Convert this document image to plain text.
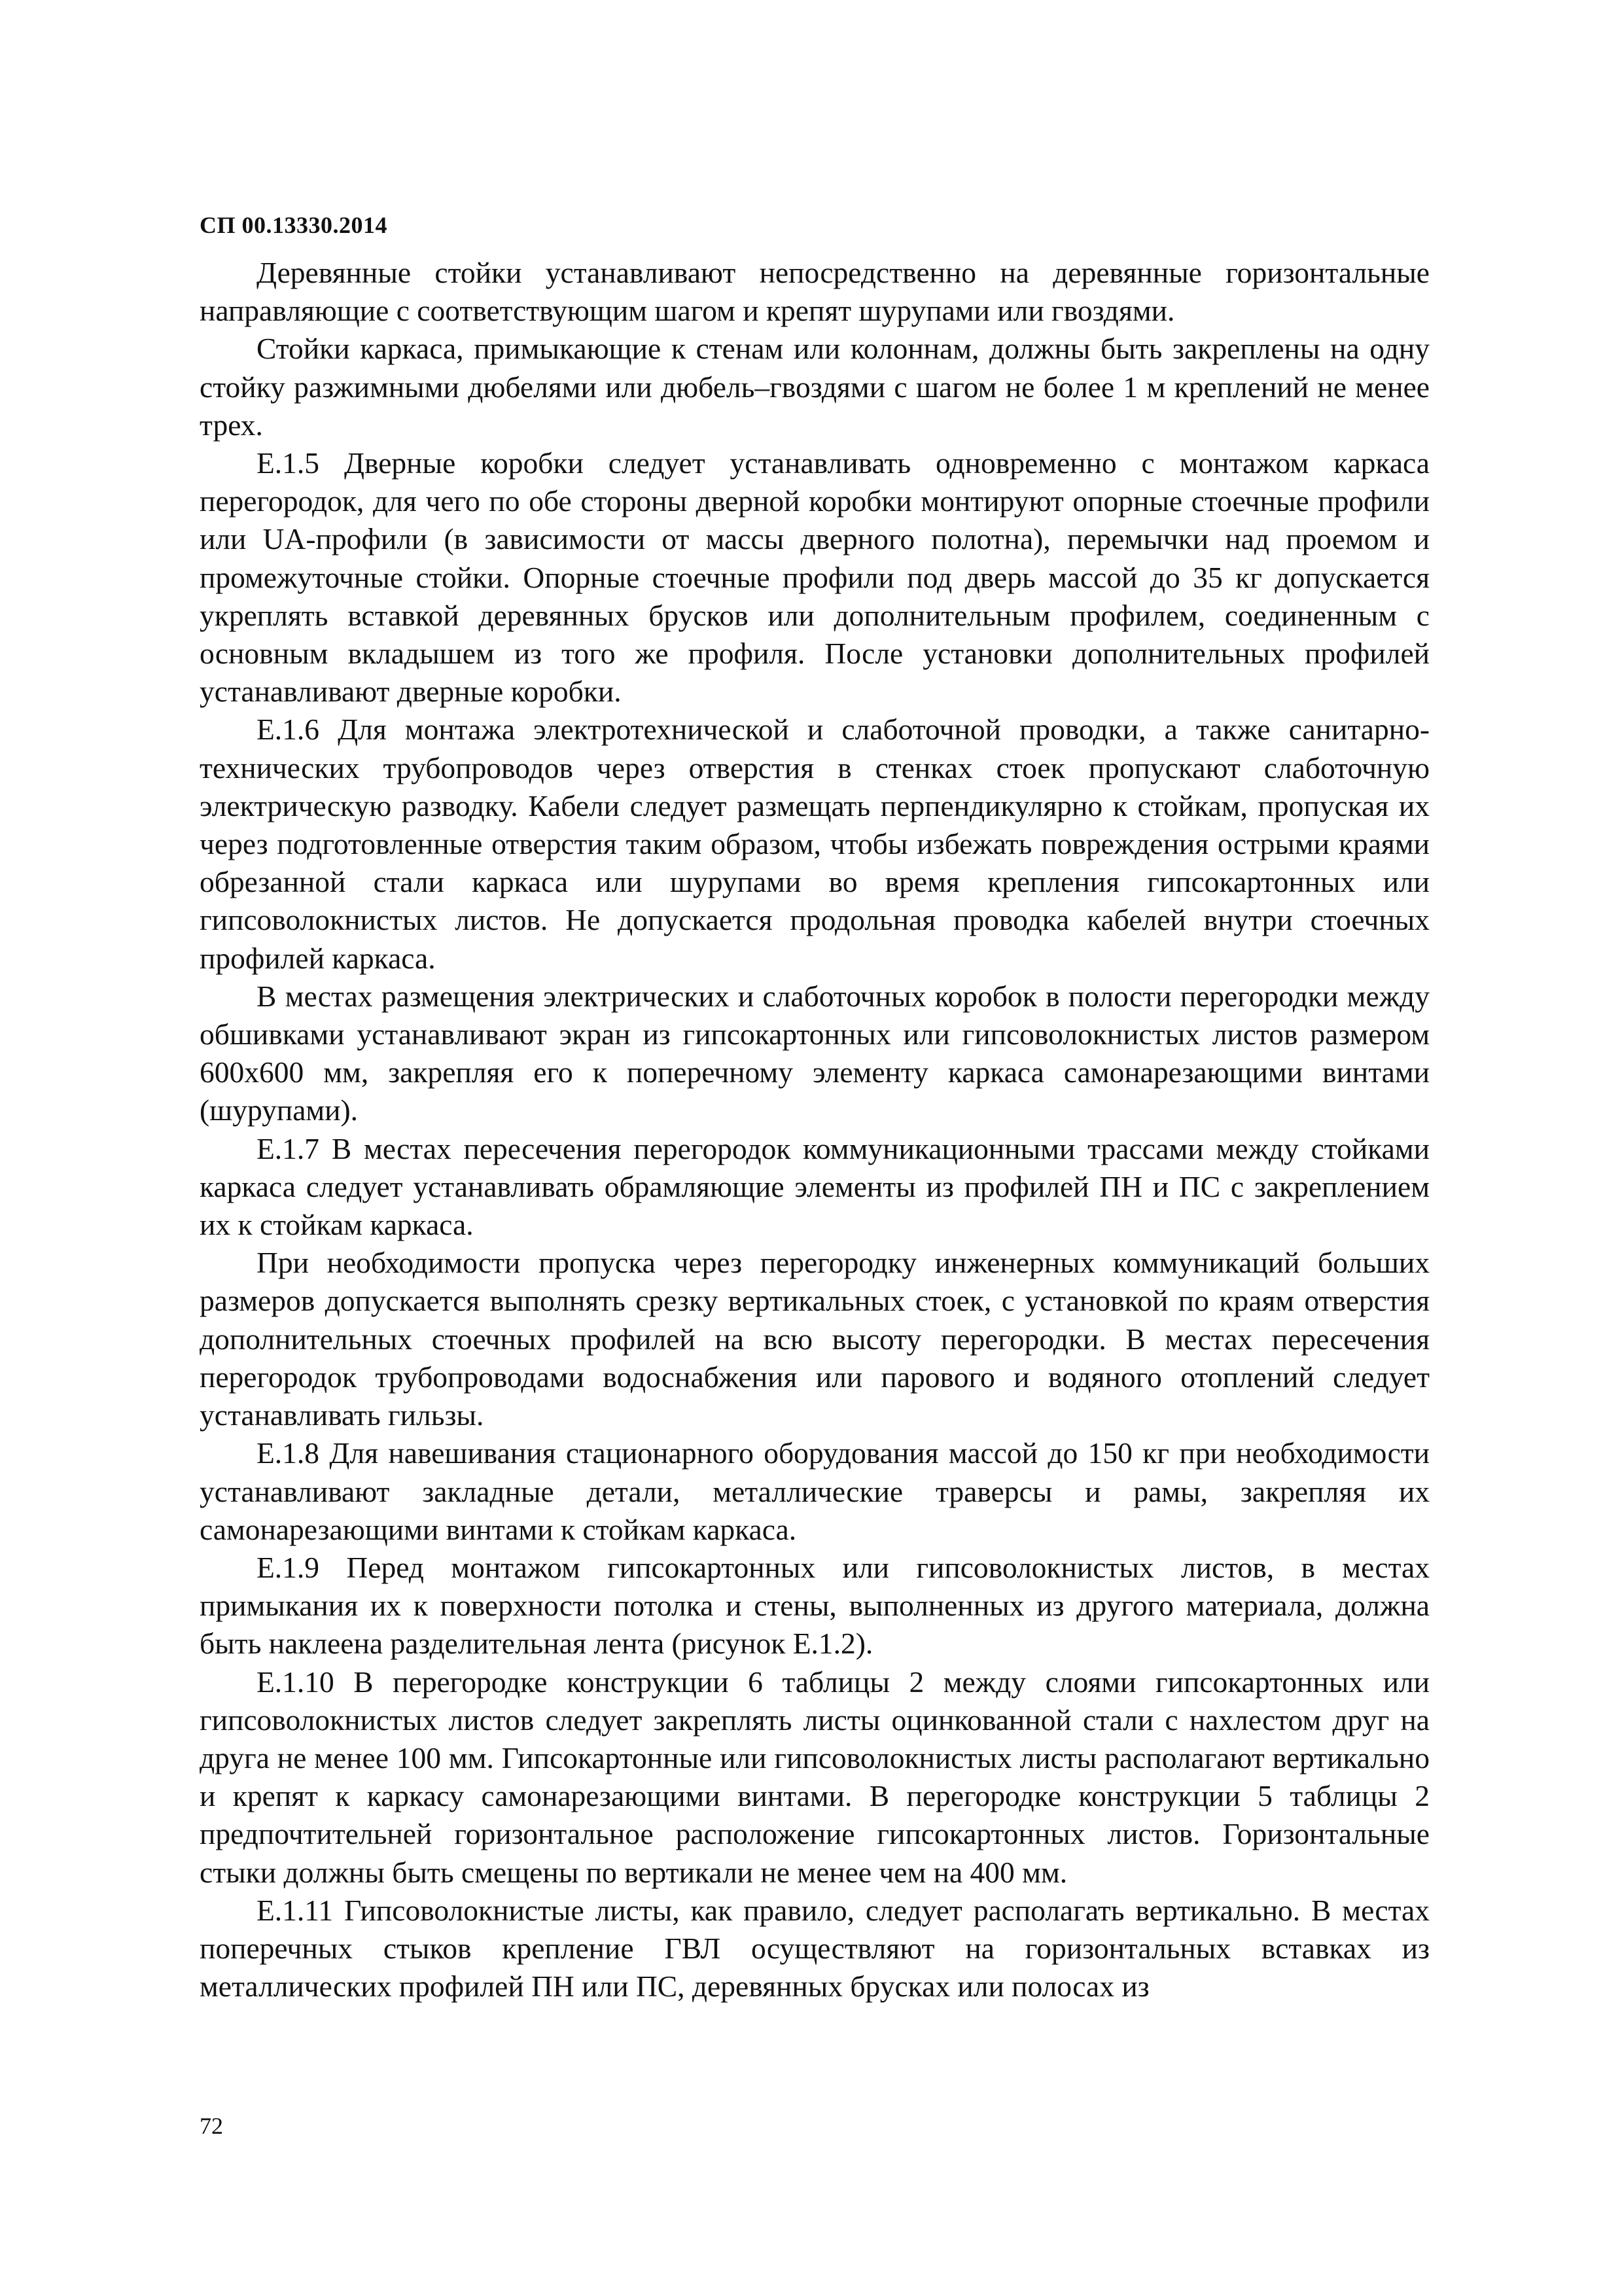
СП 00.13330.2014

Деревянные стойки устанавливают непосредственно на деревянные горизонтальные направляющие с соответствующим шагом и крепят шурупами или гвоздями.

Стойки каркаса, примыкающие к стенам или колоннам, должны быть закреплены на одну стойку разжимными дюбелями или дюбель–гвоздями с шагом не более 1 м креплений не менее трех.

Е.1.5 Дверные коробки следует устанавливать одновременно с монтажом каркаса перегородок, для чего по обе стороны дверной коробки монтируют опорные стоечные профили или UA-профили (в зависимости от массы дверного полотна), перемычки над проемом и промежуточные стойки. Опорные стоечные профили под дверь массой до 35 кг допускается укреплять вставкой деревянных брусков или дополнительным профилем, соединенным с основным вкладышем из того же профиля. После установки дополнительных профилей устанавливают дверные коробки.

Е.1.6 Для монтажа электротехнической и слаботочной проводки, а также санитарно-технических трубопроводов через отверстия в стенках стоек пропускают слаботочную электрическую разводку. Кабели следует размещать перпендикулярно к стойкам, пропуская их через подготовленные отверстия таким образом, чтобы избежать повреждения острыми краями обрезанной стали каркаса или шурупами во время крепления гипсокартонных или гипсоволокнистых листов. Не допускается продольная проводка кабелей внутри стоечных профилей каркаса.

В местах размещения электрических и слаботочных коробок в полости перегородки между обшивками устанавливают экран из гипсокартонных или гипсоволокнистых листов размером 600х600 мм, закрепляя его к поперечному элементу каркаса самонарезающими винтами (шурупами).

Е.1.7 В местах пересечения перегородок коммуникационными трассами между стойками каркаса следует устанавливать обрамляющие элементы из профилей ПН и ПС с закреплением их к стойкам каркаса.

При необходимости пропуска через перегородку инженерных коммуникаций больших размеров допускается выполнять срезку вертикальных стоек, с установкой по краям отверстия дополнительных стоечных профилей на всю высоту перегородки. В местах пересечения перегородок трубопроводами водоснабжения или парового и водяного отоплений следует устанавливать гильзы.

Е.1.8 Для навешивания стационарного оборудования массой до 150 кг при необходимости устанавливают закладные детали, металлические траверсы и рамы, закрепляя их самонарезающими винтами к стойкам каркаса.

Е.1.9 Перед монтажом гипсокартонных или гипсоволокнистых листов, в местах примыкания их к поверхности потолка и стены, выполненных из другого материала, должна быть наклеена разделительная лента (рисунок Е.1.2).

Е.1.10 В перегородке конструкции 6 таблицы 2 между слоями гипсокартонных или гипсоволокнистых листов следует закреплять листы оцинкованной стали с нахлестом друг на друга не менее 100 мм. Гипсокартонные или гипсоволокнистых листы располагают вертикально и крепят к каркасу самонарезающими винтами. В перегородке конструкции 5 таблицы 2 предпочтительней горизонтальное расположение гипсокартонных листов. Горизонтальные стыки должны быть смещены по вертикали не менее чем на 400 мм.

Е.1.11 Гипсоволокнистые листы, как правило, следует располагать вертикально. В местах поперечных стыков крепление ГВЛ осуществляют на горизонтальных вставках из металлических профилей ПН или ПС, деревянных брусках или полосах из

72
